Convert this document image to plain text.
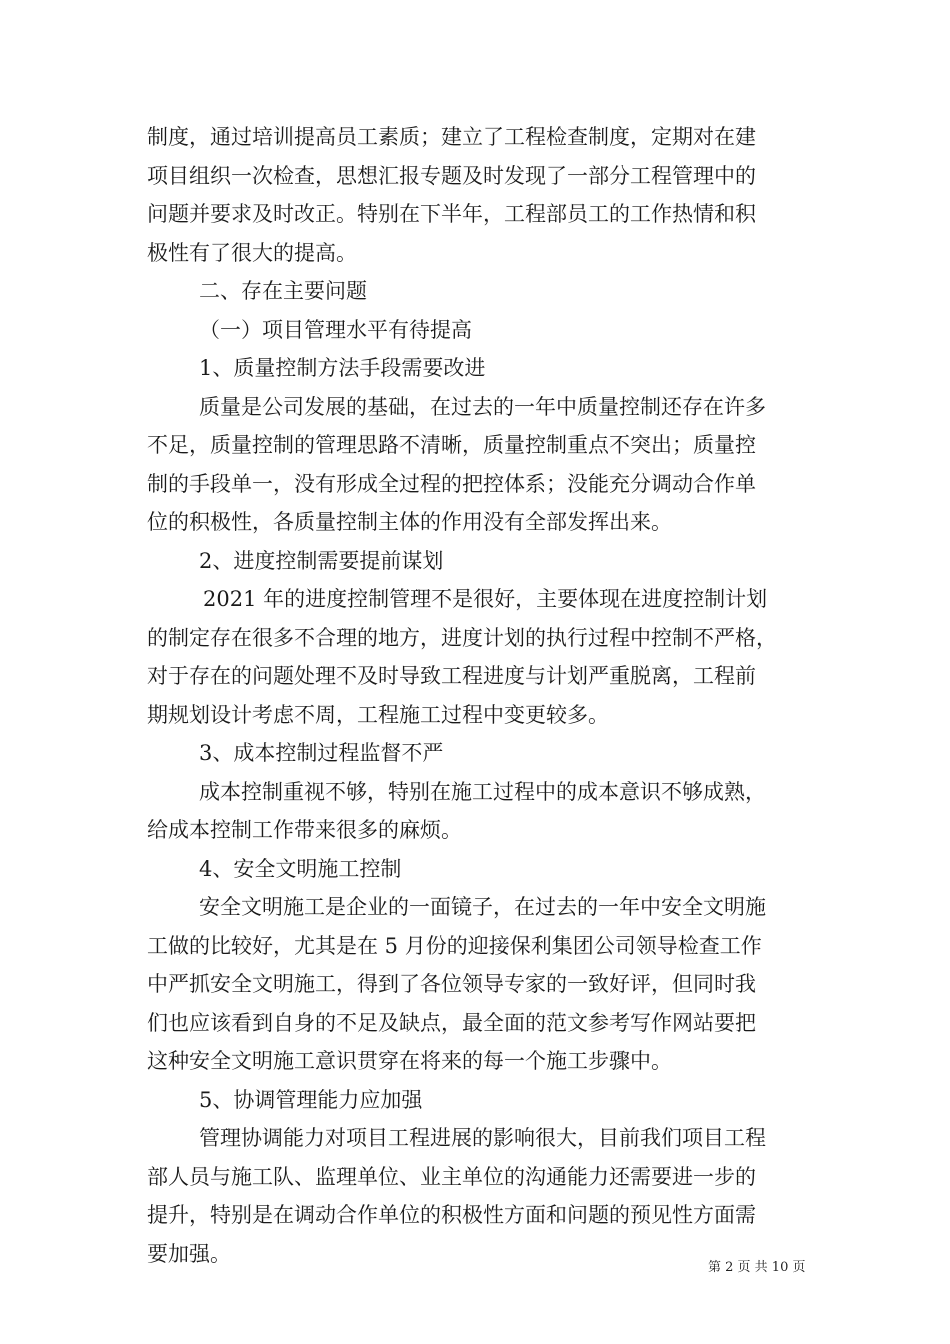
制度，通过培训提高员工素质；建立了工程检查制度，定期对在建
项目组织一次检查，思想汇报专题及时发现了一部分工程管理中的
问题并要求及时改正。特别在下半年，工程部员工的工作热情和积
极性有了很大的提高。
二、存在主要问题
（一）项目管理水平有待提高
1、质量控制方法手段需要改进
质量是公司发展的基础，在过去的一年中质量控制还存在许多
不足，质量控制的管理思路不清晰，质量控制重点不突出；质量控
制的手段单一，没有形成全过程的把控体系；没能充分调动合作单
位的积极性，各质量控制主体的作用没有全部发挥出来。
2、进度控制需要提前谋划
2021 年的进度控制管理不是很好，主要体现在进度控制计划
的制定存在很多不合理的地方，进度计划的执行过程中控制不严格，
对于存在的问题处理不及时导致工程进度与计划严重脱离，工程前
期规划设计考虑不周，工程施工过程中变更较多。
3、成本控制过程监督不严
成本控制重视不够，特别在施工过程中的成本意识不够成熟，
给成本控制工作带来很多的麻烦。
4、安全文明施工控制
安全文明施工是企业的一面镜子，在过去的一年中安全文明施
工做的比较好，尤其是在 5 月份的迎接保利集团公司领导检查工作
中严抓安全文明施工，得到了各位领导专家的一致好评，但同时我
们也应该看到自身的不足及缺点，最全面的范文参考写作网站要把
这种安全文明施工意识贯穿在将来的每一个施工步骤中。
5、协调管理能力应加强
管理协调能力对项目工程进展的影响很大，目前我们项目工程
部人员与施工队、监理单位、业主单位的沟通能力还需要进一步的
提升，特别是在调动合作单位的积极性方面和问题的预见性方面需
要加强。
第 2 页 共 10 页
